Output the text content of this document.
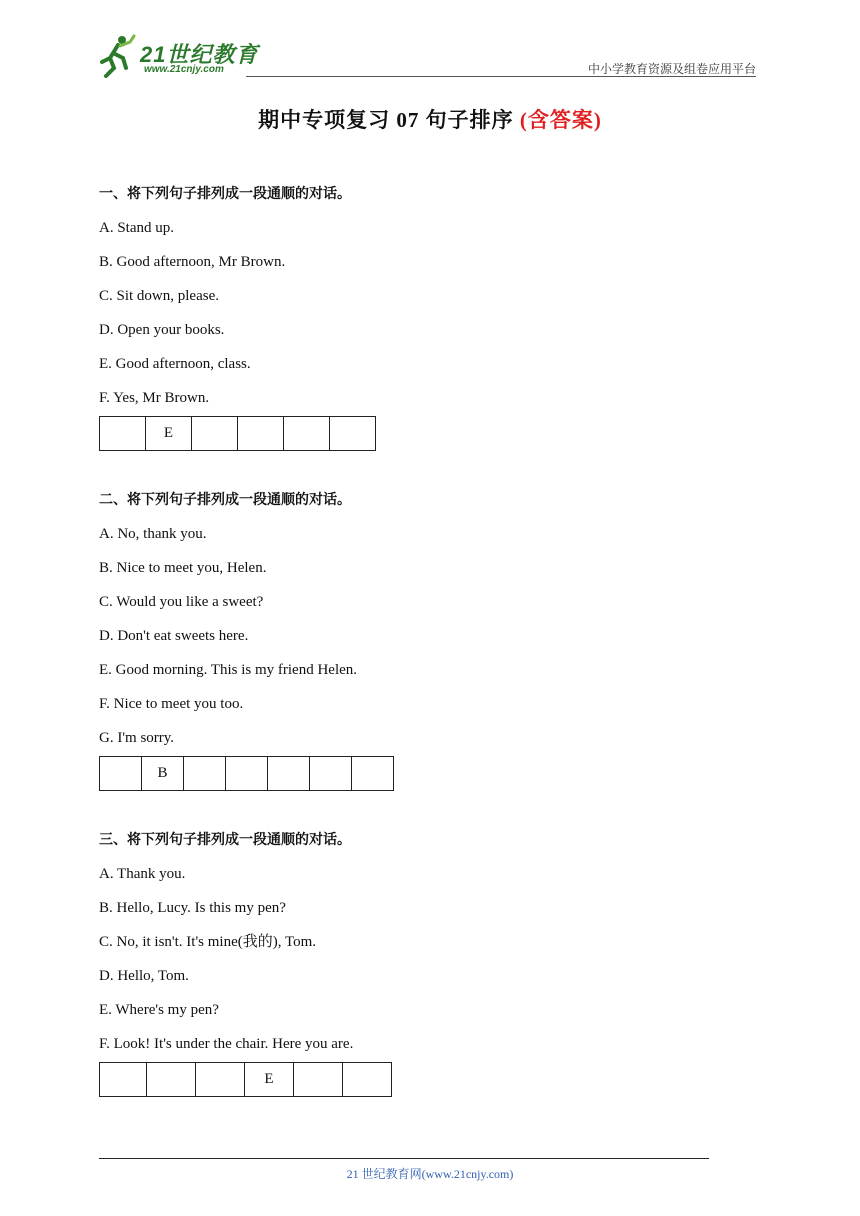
21世纪教育
www.21cnjy.com	中小学教育资源及组卷应用平台
期中专项复习 07 句子排序 (含答案)
一、将下列句子排列成一段通顺的对话。
A. Stand up.
B. Good afternoon, Mr Brown.
C. Sit down, please.
D. Open your books.
E. Good afternoon, class.
F. Yes, Mr Brown.
	E				
二、将下列句子排列成一段通顺的对话。
A. No, thank you.
B. Nice to meet you, Helen.
C. Would you like a sweet?
D. Don't eat sweets here.
E. Good morning. This is my friend Helen.
F. Nice to meet you too.
G. I'm sorry.
	B					
三、将下列句子排列成一段通顺的对话。
A. Thank you.
B. Hello, Lucy. Is this my pen?
C. No, it isn't. It's mine(我的), Tom.
D. Hello, Tom.
E. Where's my pen?
F. Look! It's under the chair. Here you are.
			E		
21 世纪教育网(www.21cnjy.com)
